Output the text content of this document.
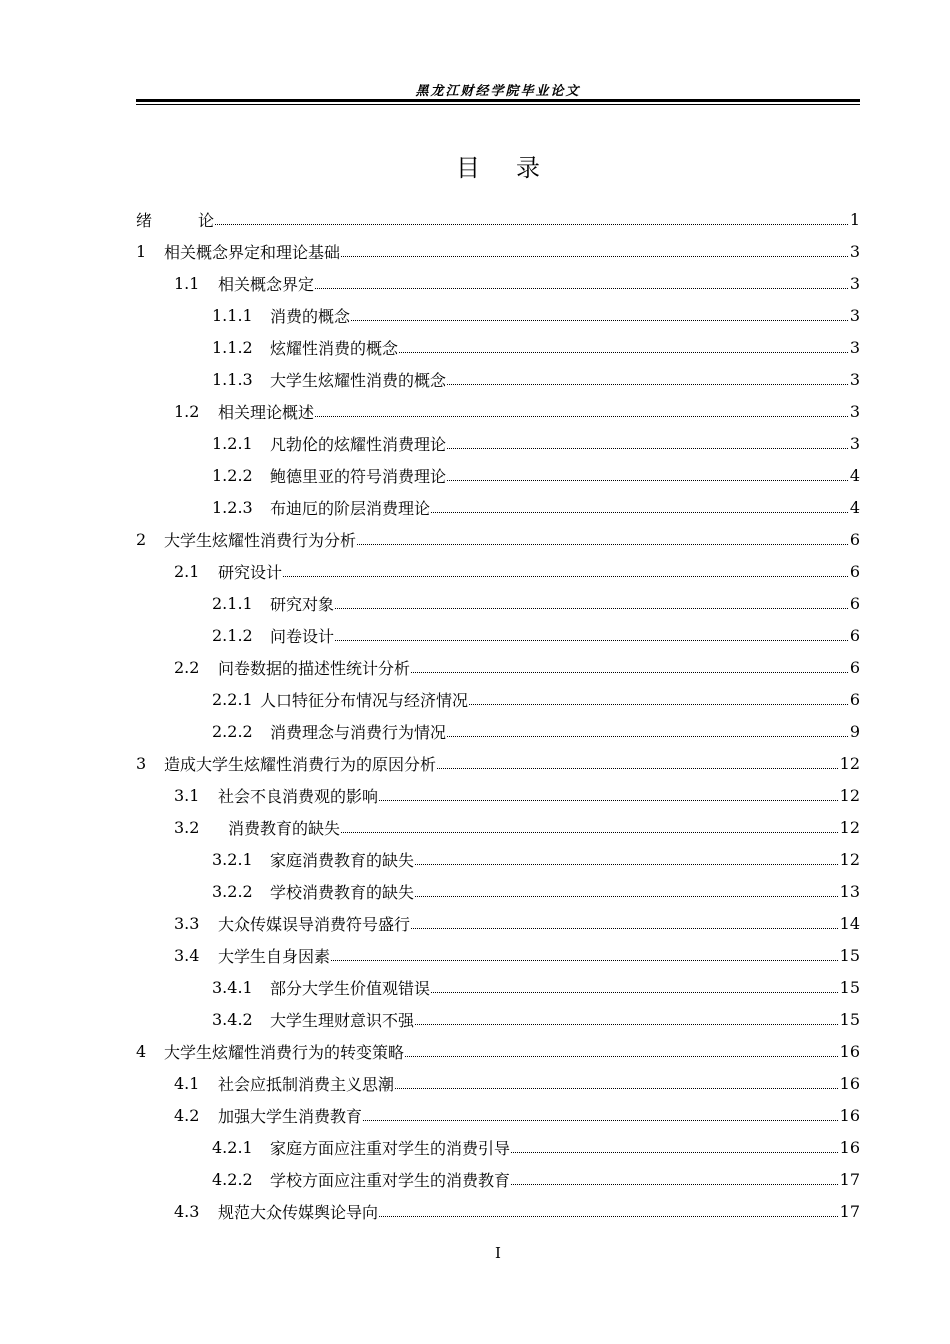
黑龙江财经学院毕业论文
目录
绪	论	1
1	相关概念界定和理论基础	3
1.1	相关概念界定	3
1.1.1	消费的概念	3
1.1.2	炫耀性消费的概念	3
1.1.3	大学生炫耀性消费的概念	3
1.2	相关理论概述	3
1.2.1	凡勃伦的炫耀性消费理论	3
1.2.2	鲍德里亚的符号消费理论	4
1.2.3	布迪厄的阶层消费理论	4
2	大学生炫耀性消费行为分析	6
2.1	研究设计	6
2.1.1	研究对象	6
2.1.2	问卷设计	6
2.2	问卷数据的描述性统计分析	6
2.2.1 人口特征分布情况与经济情况	6
2.2.2	消费理念与消费行为情况	9
3	造成大学生炫耀性消费行为的原因分析	12
3.1	社会不良消费观的影响	12
3.2	消费教育的缺失	12
3.2.1	家庭消费教育的缺失	12
3.2.2	学校消费教育的缺失	13
3.3	大众传媒误导消费符号盛行	14
3.4	大学生自身因素	15
3.4.1	部分大学生价值观错误	15
3.4.2	大学生理财意识不强	15
4	大学生炫耀性消费行为的转变策略	16
4.1	社会应抵制消费主义思潮	16
4.2	加强大学生消费教育	16
4.2.1	家庭方面应注重对学生的消费引导	16
4.2.2	学校方面应注重对学生的消费教育	17
4.3	规范大众传媒舆论导向	17
I
